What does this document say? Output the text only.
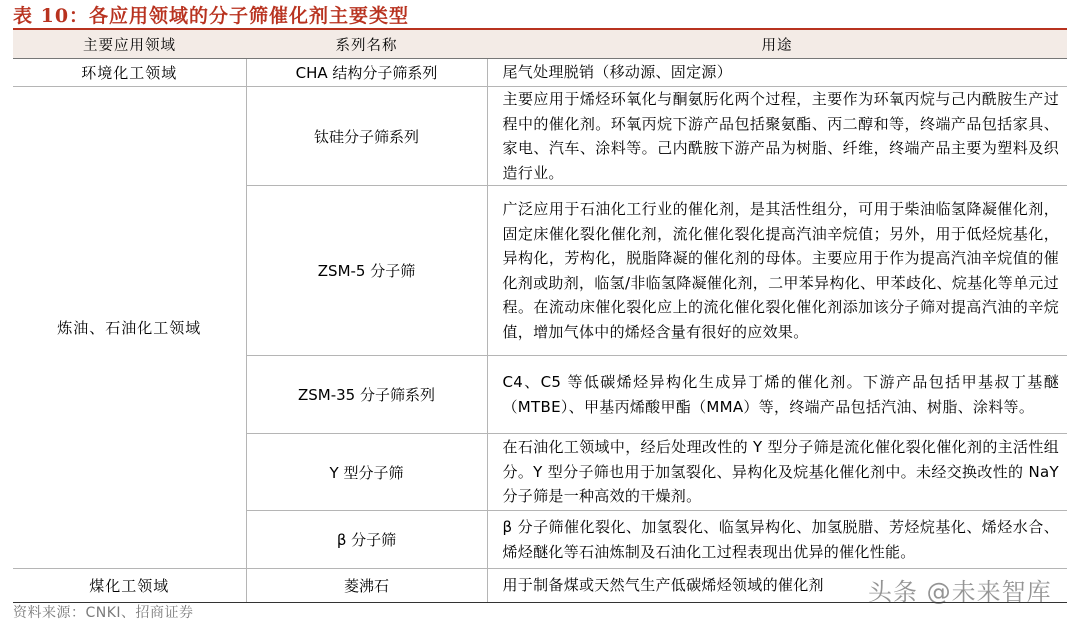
表 10：各应用领域的分子筛催化剂主要类型
主要应用领域	系列名称	用途
环境化工领域	CHA 结构分子筛系列	尾气处理脱销（移动源、固定源）
炼油、石油化工领域	钛硅分子筛系列	主要应用于烯烃环氧化与酮氨肟化两个过程，主要作为环氧丙烷与己内酰胺生产过程中的催化剂。环氧丙烷下游产品包括聚氨酯、丙二醇和等，终端产品包括家具、家电、汽车、涂料等。己内酰胺下游产品为树脂、纤维，终端产品主要为塑料及织造行业。
	ZSM-5 分子筛	广泛应用于石油化工行业的催化剂，是其活性组分，可用于柴油临氢降凝催化剂，固定床催化裂化催化剂，流化催化裂化提高汽油辛烷值；另外，用于低烃烷基化，异构化，芳构化，脱脂降凝的催化剂的母体。主要应用于作为提高汽油辛烷值的催化剂或助剂，临氢/非临氢降凝催化剂，二甲苯异构化、甲苯歧化、烷基化等单元过程。在流动床催化裂化应上的流化催化裂化催化剂添加该分子筛对提高汽油的辛烷值，增加气体中的烯烃含量有很好的应效果。
	ZSM-35 分子筛系列	C4、C5 等低碳烯烃异构化生成异丁烯的催化剂。下游产品包括甲基叔丁基醚（MTBE）、甲基丙烯酸甲酯（MMA）等，终端产品包括汽油、树脂、涂料等。
	Y 型分子筛	在石油化工领域中，经后处理改性的 Y 型分子筛是流化催化裂化催化剂的主活性组分。Y 型分子筛也用于加氢裂化、异构化及烷基化催化剂中。未经交换改性的 NaY 分子筛是一种高效的干燥剂。
	β 分子筛	β 分子筛催化裂化、加氢裂化、临氢异构化、加氢脱腊、芳烃烷基化、烯烃水合、烯烃醚化等石油炼制及石油化工过程表现出优异的催化性能。
煤化工领域	菱沸石	用于制备煤或天然气生产低碳烯烃领域的催化剂
资料来源：CNKI、招商证券
头条 @未来智库
